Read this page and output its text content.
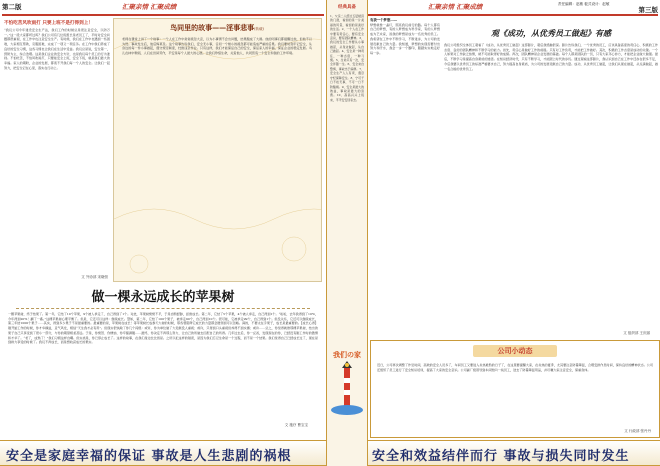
第二版	汇聚亲情 汇聚成绩
不怕吃苦风吹雨打 只要上班不是打得到上！
“我们公司今年建设安全生产法，我们工作的时候总是很注意安全，以防万一。”这一段大家都听过吗？我们公司有几位班组长是老员工了，平时对安全问题都很重视，在工作中也注意安全生产。有时候，我们在工作中也遇到一些困难，大家相互帮助，克服困难，完成了一项又一项任务。在工作中我们养成了良好的安全习惯，这些习惯也让我们在生活中受益。我们总是说，安全第一，预防为主，综合治理。这是我们企业的安全方针，也是我们每个员工的行为准则。不怕吃苦，不怕风吹雨打，只要能安全上班，安全下班，就是我们最大的幸福。家人的期盼，企业的发展，都离不开我们每一个人的安全。让我们一起努力，把安全记在心里，落实在行动上。
文 外协部 宋晓恒
鸟同里的故事——淫事悲事(转载)
老师在课堂上讲了一个故事：一个人在工作中常常疏忽大意，以为小事情不会出问题，结果酿成了大祸。他的同事们都提醒过他，但他不以为然。事故发生后，他后悔莫及。这个故事告诉我们，安全无小事，任何一个细小的疏忽都可能造成严重的后果。我们要时刻牢记安全，从身边的每一件小事做起，遵守规章制度，杜绝违章作业。只有这样，我们才能保证自己的安全，保证家人的幸福，保证企业的稳定发展。鸟儿在林中歌唱，人们在田间劳作，平安是每个人最大的心愿。让我们珍惜生命，关爱他人，共同营造一个安全和谐的工作环境。
做一棵永远成长的苹果树
一颗苹果树，终于结果了。第一年，它结了10个苹果，9个被人拿走了，自己得到了1个。对此，苹果树愤愤不平，于是自断经脉，拒绝成长。第二年，它结了5个苹果，4个被人拿走，自己得到1个。“哈哈，去年我得到了10%，今年得到20%！翻了一番。”这棵苹果树心理平衡了。但是，它还可以这样：继续成长。譬如，第二年，它结了100个果子，被拿走90个，自己得到10个。很可能，它被拿走99个，自己得到1个。但没关系，它还可以继续成长，第三年结1000个果子……其实，得到多少果子不是最重要的。最重要的是，苹果树在成长！等苹果树长成参天大树的时候，那些曾阻碍它成长的力量都会微弱到可以忽略。真的，不要太在乎果子，成长是最重要的。【成长心得】刚开始工作的时候，你才华横溢，意气风发，相信“天生我才必有用”。但现实很快敲了你几个闷棍：或许，你为单位做了大贡献没人重视；或许，只得到口头重视但却得不到实惠；或许……总之，你觉得就像那棵苹果树，结出的果子自己只享受到了很小一部分，与你的期望相差甚远。于是，你愤怒、你懊恼、你牢骚满腹……最终，你决定不再那么努力，让自己的所做去匹配自己的所得。几年过去后，你一反省，发现现在的你，已经没有刚工作时的激情和才华了。“老了，成熟了！”我们习惯这样自嘲。但实质是，你已停止成长了。这样的故事，在我们身边比比皆是。之所以犯这样的错误，是因为我们忘记生命是一个过程，而不是一个结果。我们觉得自己已经成长过了，现在是到拼力享受的时候了。我们不再成长，而是想收获成长的果实。
文 施疗 曹宝宝
安全是家庭幸福的保证 事故是人生悲剧的祸根
经典具备
1、父亲二人经过五层楼顶的门窗，看到的是一片美丽的风景，看到的是美好的生活。2、一个人在工作中要有责任心，要有安全意识，要有团队精神。3、我们的安全工作要从小事做起，从身边做起，从自己做起。4、安全是一种责任，一种态度，一种习惯。5、生命只有一次，安全伴随一生。6、安全来自警惕，事故出于麻痹。7、安全生产人人有责，遵章守纪保障安全。8、宁可千日不松无事，不可一日不防酿祸。9、安全是最大的效益，事故是最大的浪费。10、高高兴兴上班来，平平安安回家去。
我们の家
汇聚亲情 汇聚成绩	责任编辑：赵敏 板式设计：赵敏
第三版
有我一个梦想……
梦想就像一盏灯，照亮我们前行的路。每个人都有自己的梦想，有的人梦想成为科学家，有的人梦想成为艺术家，而我的梦想是成为一名优秀的员工。我希望在工作中不断学习，不断进步，为公司的发展贡献自己的力量。我知道，梦想的实现需要付出努力和汗水，我会一步一个脚印，踏踏实实地走好每一步。
观《成功，从优秀员工做起》有感
我们公司组织全体员工观看了《成功，从优秀员工做起》这部影片，观后我感触很深。影片告诉我们，一个优秀的员工，应该具备高度的责任心、积极的工作态度、良好的团队精神和不断学习的能力。首先，责任心是做好工作的前提。只有对工作负责，才能把工作做好。其次，积极的工作态度是成功的关键。一个人如果对工作缺乏热情，就不可能取得好的成绩。再次，团队精神是企业发展的基础。每个人都是团队的一员，只有大家齐心协力，才能把企业做大做强。最后，不断学习是提高自身素质的途径。在知识经济时代，只有不断学习，才能跟上时代的步伐。通过观看这部影片，我认识到自己在工作中还存在很多不足，今后我要以优秀员工的标准严格要求自己，努力提高自身素质，为公司的发展贡献自己的力量。成功，从优秀员工做起，让我们从现在做起，从点滴做起，做一名合格的优秀员工。
文 组织部 王庆丽
公司小动态
近日，公司再次调整了作息时间，高效的安全人员多了，车间员工又要进入炎热难熬的日子了，在这里要提醒大家，在炎热的夏季，尤其要注意防暑降温，合理安排作息时间，保持良好的精神状态。公司还组织了员工进行了安全知识培训，提高了大家的安全意识。公司副厂级领导到车间慰问一线员工，送去了防暑降温用品，并叮嘱大家注意安全，保重身体。
文 行政部 张丹丹
安全和效益结伴而行 事故与损失同时发生
